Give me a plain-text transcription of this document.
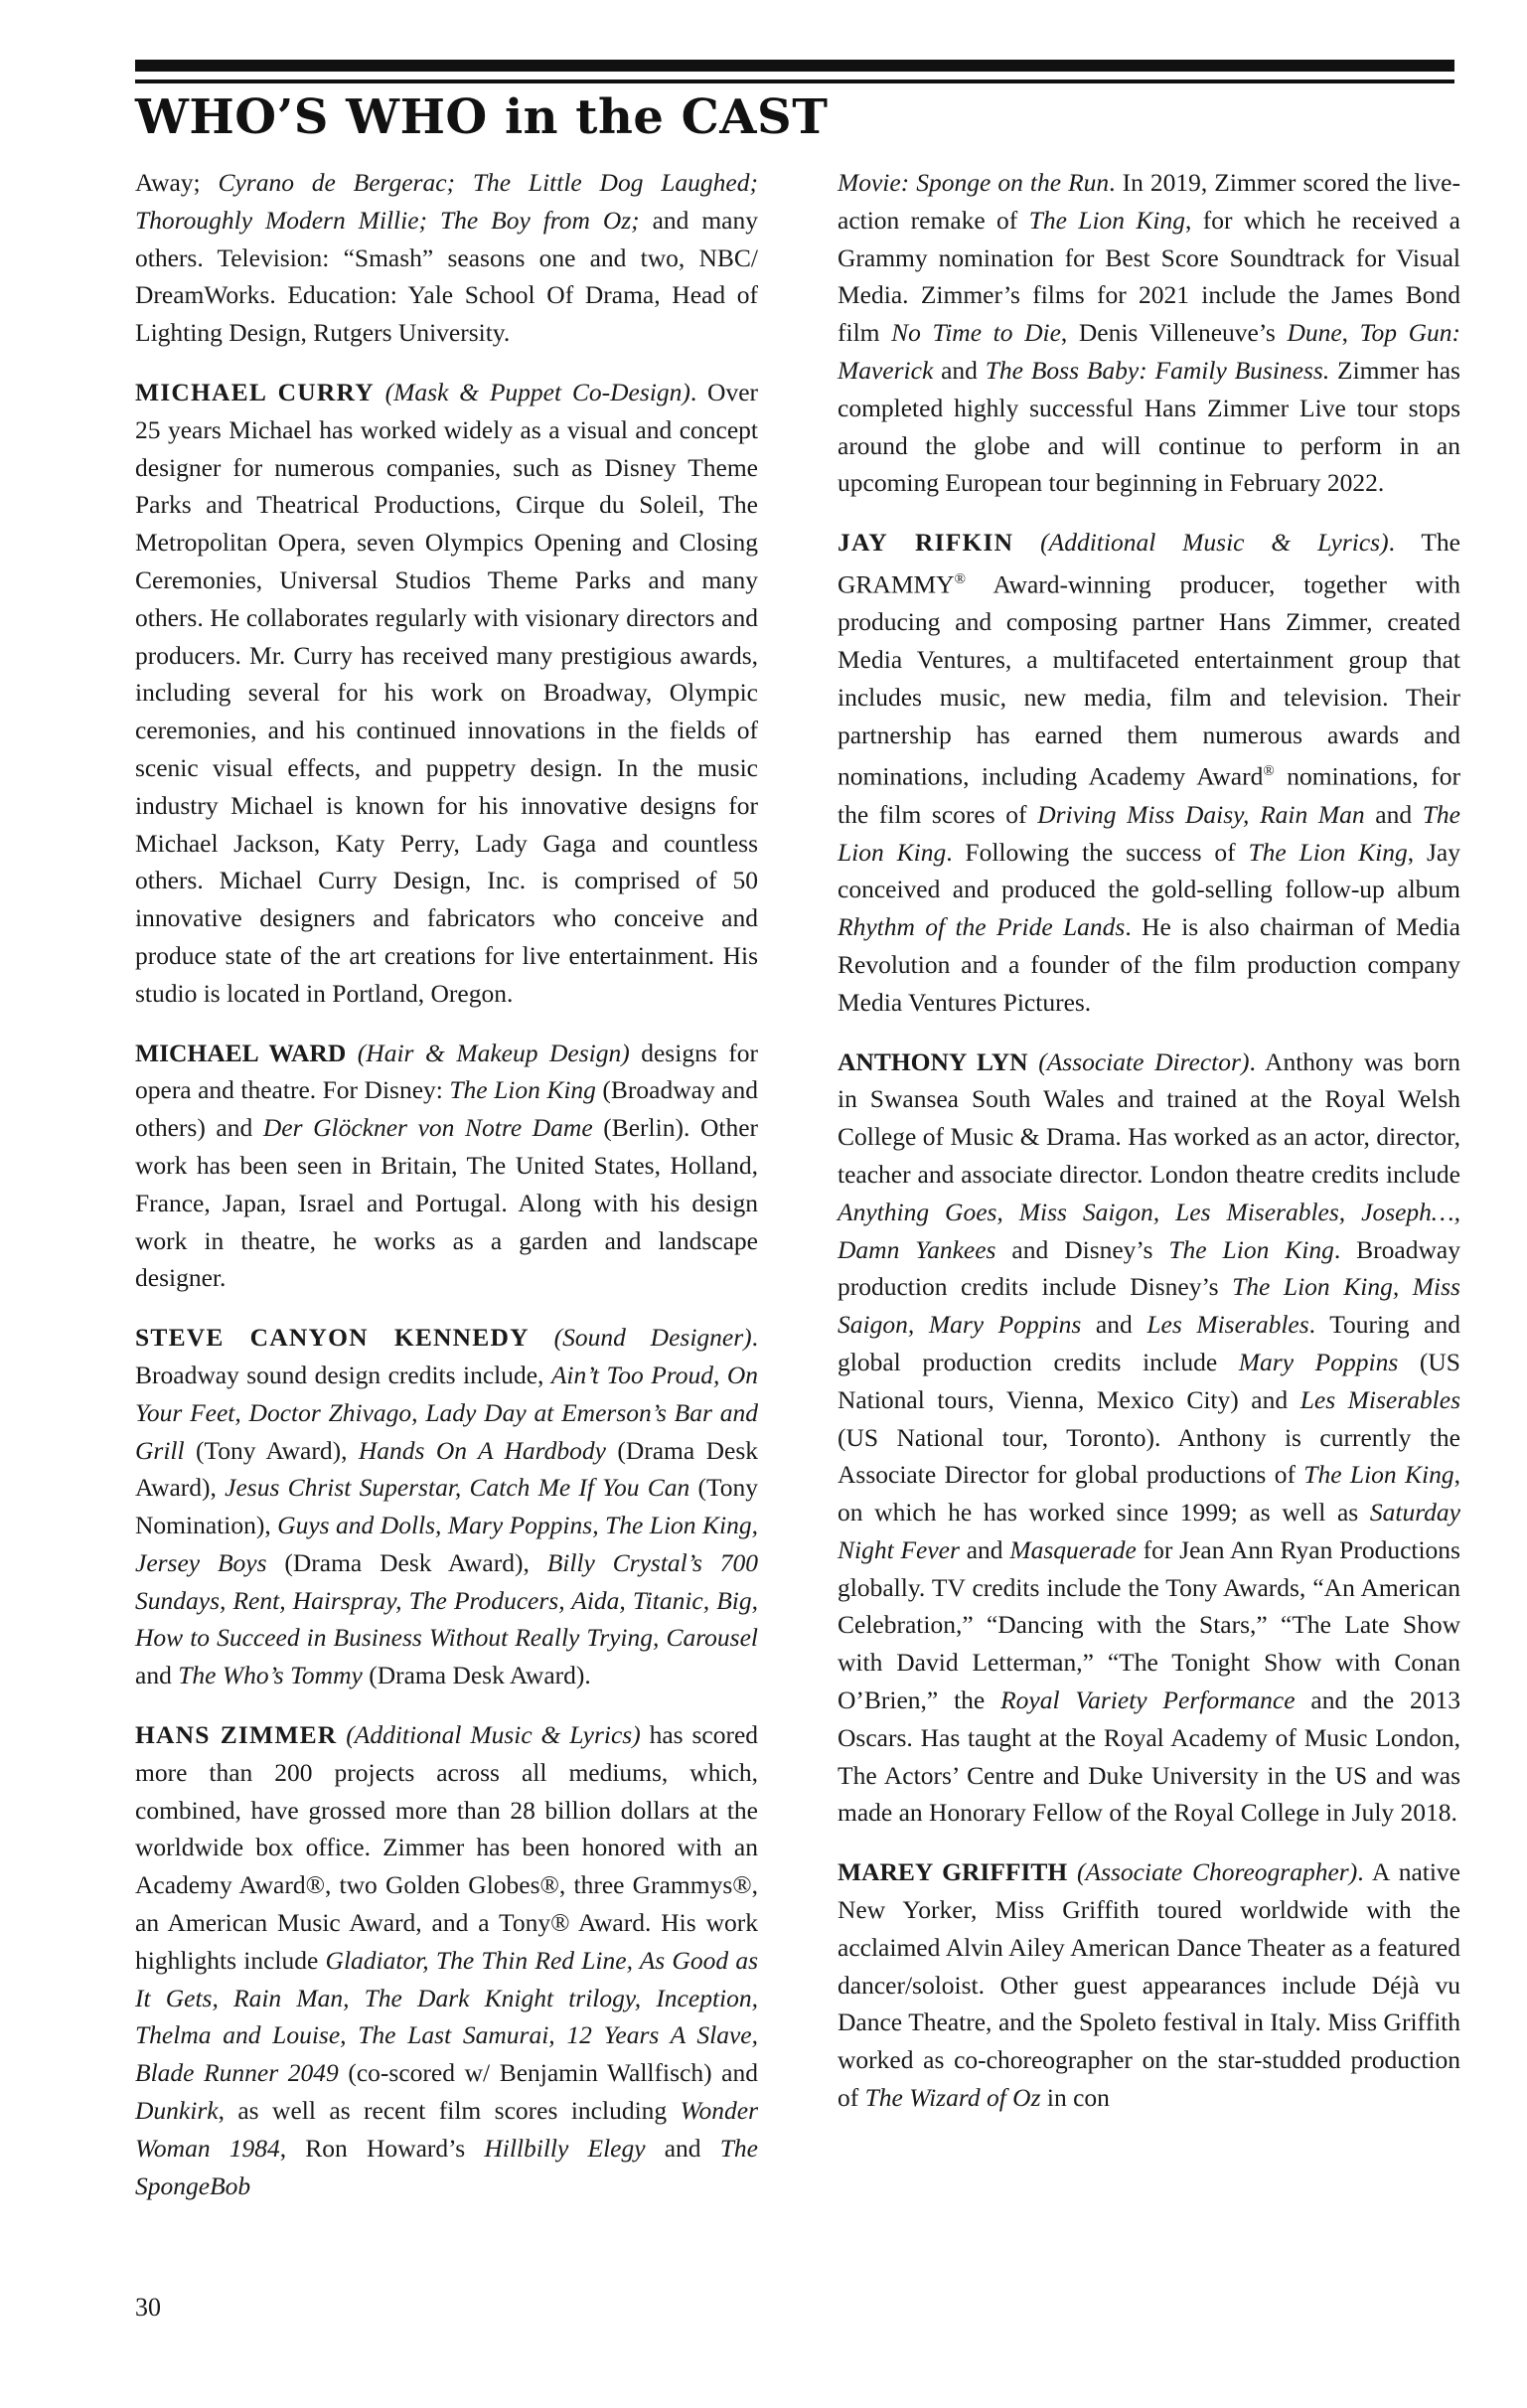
WHO’S WHO in the CAST

Away; Cyrano de Bergerac; The Little Dog Laughed; Thoroughly Modern Millie; The Boy from Oz; and many others. Television: “Smash” seasons one and two, NBC/ DreamWorks. Education: Yale School Of Drama, Head of Lighting Design, Rutgers University.

MICHAEL CURRY (Mask & Puppet Co-Design). Over 25 years Michael has worked widely as a visual and concept designer for numerous companies, such as Disney Theme Parks and Theatrical Productions, Cirque du Soleil, The Metropolitan Opera, seven Olympics Opening and Closing Ceremonies, Universal Studios Theme Parks and many others. He collaborates regularly with visionary directors and producers. Mr. Curry has received many prestigious awards, including several for his work on Broadway, Olympic ceremonies, and his continued innovations in the fields of scenic visual effects, and puppetry design. In the music industry Michael is known for his innovative designs for Michael Jackson, Katy Perry, Lady Gaga and countless others. Michael Curry Design, Inc. is comprised of 50 innovative designers and fabricators who conceive and produce state of the art creations for live entertainment. His studio is located in Portland, Oregon.

MICHAEL WARD (Hair & Makeup Design) designs for opera and theatre. For Disney: The Lion King (Broadway and others) and Der Glöckner von Notre Dame (Berlin). Other work has been seen in Britain, The United States, Holland, France, Japan, Israel and Portugal. Along with his design work in theatre, he works as a garden and landscape designer.

STEVE CANYON KENNEDY (Sound Designer). Broadway sound design credits include, Ain’t Too Proud, On Your Feet, Doctor Zhivago, Lady Day at Emerson’s Bar and Grill (Tony Award), Hands On A Hardbody (Drama Desk Award), Jesus Christ Superstar, Catch Me If You Can (Tony Nomination), Guys and Dolls, Mary Poppins, The Lion King, Jersey Boys (Drama Desk Award), Billy Crystal’s 700 Sundays, Rent, Hairspray, The Producers, Aida, Titanic, Big, How to Succeed in Business Without Really Trying, Carousel and The Who’s Tommy (Drama Desk Award).

HANS ZIMMER (Additional Music & Lyrics) has scored more than 200 projects across all mediums, which, combined, have grossed more than 28 billion dollars at the worldwide box office. Zimmer has been honored with an Academy Award®, two Golden Globes®, three Grammys®, an American Music Award, and a Tony® Award. His work highlights include Gladiator, The Thin Red Line, As Good as It Gets, Rain Man, The Dark Knight trilogy, Inception, Thelma and Louise, The Last Samurai, 12 Years A Slave, Blade Runner 2049 (co-scored w/ Benjamin Wallfisch) and Dunkirk, as well as recent film scores including Wonder Woman 1984, Ron Howard’s Hillbilly Elegy and The SpongeBob

Movie: Sponge on the Run. In 2019, Zimmer scored the live-action remake of The Lion King, for which he received a Grammy nomination for Best Score Soundtrack for Visual Media. Zimmer’s films for 2021 include the James Bond film No Time to Die, Denis Villeneuve’s Dune, Top Gun: Maverick and The Boss Baby: Family Business. Zimmer has completed highly successful Hans Zimmer Live tour stops around the globe and will continue to perform in an upcoming European tour beginning in February 2022.

JAY RIFKIN (Additional Music & Lyrics). The GRAMMY® Award-winning producer, together with producing and composing partner Hans Zimmer, created Media Ventures, a multifaceted entertainment group that includes music, new media, film and television. Their partnership has earned them numerous awards and nominations, including Academy Award® nominations, for the film scores of Driving Miss Daisy, Rain Man and The Lion King. Following the success of The Lion King, Jay conceived and produced the gold-selling follow-up album Rhythm of the Pride Lands. He is also chairman of Media Revolution and a founder of the film production company Media Ventures Pictures.

ANTHONY LYN (Associate Director). Anthony was born in Swansea South Wales and trained at the Royal Welsh College of Music & Drama. Has worked as an actor, director, teacher and associate director. London theatre credits include Anything Goes, Miss Saigon, Les Miserables, Joseph…, Damn Yankees and Disney’s The Lion King. Broadway production credits include Disney’s The Lion King, Miss Saigon, Mary Poppins and Les Miserables. Touring and global production credits include Mary Poppins (US National tours, Vienna, Mexico City) and Les Miserables (US National tour, Toronto). Anthony is currently the Associate Director for global productions of The Lion King, on which he has worked since 1999; as well as Saturday Night Fever and Masquerade for Jean Ann Ryan Productions globally. TV credits include the Tony Awards, “An American Celebration,” “Dancing with the Stars,” “The Late Show with David Letterman,” “The Tonight Show with Conan O’Brien,” the Royal Variety Performance and the 2013 Oscars. Has taught at the Royal Academy of Music London, The Actors’ Centre and Duke University in the US and was made an Honorary Fellow of the Royal College in July 2018.

MAREY GRIFFITH (Associate Choreographer). A native New Yorker, Miss Griffith toured worldwide with the acclaimed Alvin Ailey American Dance Theater as a featured dancer/soloist. Other guest appearances include Déjà vu Dance Theatre, and the Spoleto festival in Italy. Miss Griffith worked as co-choreographer on the star-studded production of The Wizard of Oz in con

30
